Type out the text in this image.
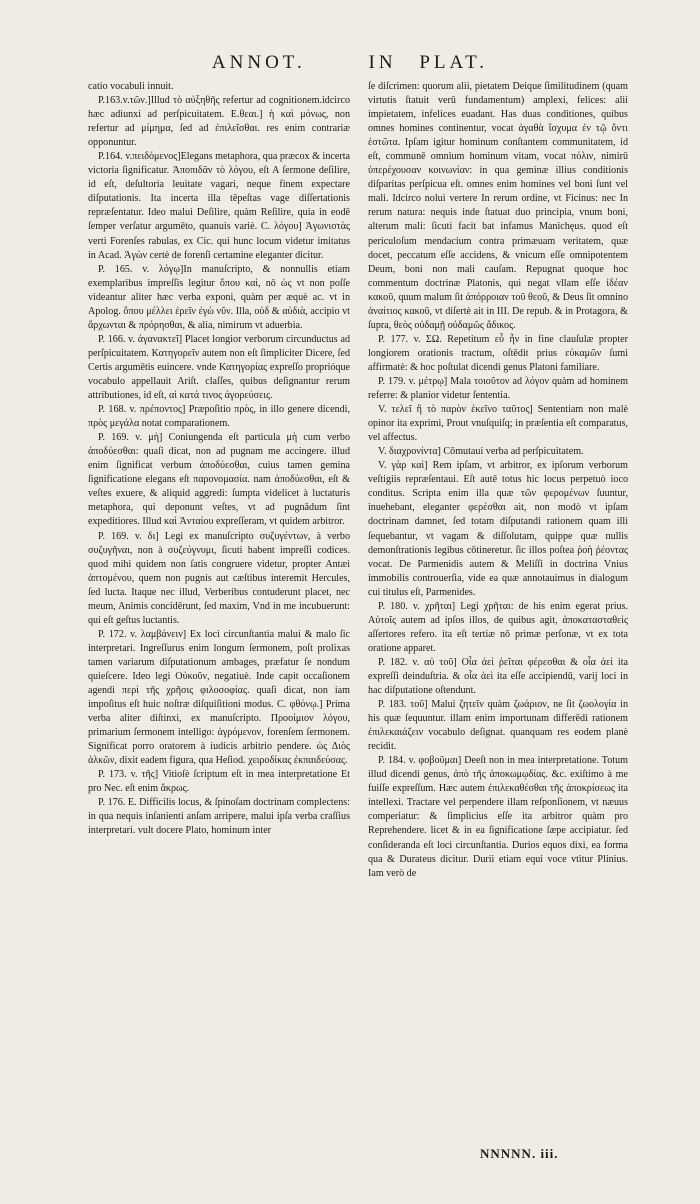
ANNOT.	IN PLAT.

catio vocabuli innuit.

P.163.v.τῶν.]Illud τὸ αὐξηθῆς refertur ad cognitionem.idcirco hæc adiunxi ad perſpicuitatem. Ε.θεαι.] ἡ καὶ μόνως, non refertur ad μίμημα, ſed ad ἐπιλεῖσθαι. res enim contrariæ opponuntur.

P.164. v.πειδόμενος]Elegans metaphora, qua præcox & incerta victoria ſignificatur. Ἀποπιδᾶν τὸ λόγου, eſt A ſermone deſilire, id eſt, deſultoria leuitate vagari, neque finem expectare diſputationis. Ita incerta illa tēpeſtas vage diſſertationis repræſentatur. Ideo malui Deſilire, quàm Reſilire, quia in eodē ſemper verſatur argumēto, quanuis variè. C. λόγου] Ἀγωνιστὰς verti Forenſes rabulas, ex Cic. qui hunc locum videtur imitatus in Acad. Ἀγὼν certè de forenſi certamine eleganter dicitur.

P. 165. v. λόγῳ]In manuſcripto, & nonnullis etiam exemplaribus impreſſis legitur ὅπου καὶ, nō ὡς vt non poſſe videantur aliter hæc verba exponi, quàm per æquè ac. vt in Apolog. ὅπου μέλλει ἐρεῖν ἐγὼ νῦν. Illa, οὐδ & αὐδιὰ, accipio vt ἄρχωνται & πρόρησθαι, & alia, nimirum vt aduerbia.

P. 166. v. ἀγανακτεῖ] Placet longior verborum circunductus ad perſpicuitatem. Κατηγορεῖν autem non eſt ſimpliciter Dicere, ſed Certis argumētis euincere. vnde Κατηγορίας expreſſo proprióque vocabulo appellauit Ariſt. claſſes, quibus deſignantur rerum attributiones, id eſt, αἱ κατά τινος ἀγορεύσεις.

P. 168. v. πρέποντος] Præpoſitio πρὸς, in illo genere dicendi, πρὸς μεγάλα notat comparationem.

P. 169. v. μὴ] Coniungenda eſt particula μὴ cum verbo ἀποδύεσθαι: quaſi dicat, non ad pugnam me accingere. illud enim ſignificat verbum ἀποδύεσθαι, cuius tamen gemina ſignificatione elegans eſt παρονομασία. nam ἀποδύεσθαι, eſt & veſtes exuere, & aliquid aggredi: ſumpta videlicet à luctaturis metaphora, qui deponunt veſtes, vt ad pugnādum ſint expeditiores. Illud καὶ Ἀνταίου expreſſeram, vt quidem arbitror.

P. 169. v. δι] Legi ex manuſcripto συζυγέντων, à verbo συζυγῆναι, non à συζεύγνυμι, ſicuti habent impreſſi codices. quod mihi quidem non ſatis congruere videtur, propter Antæi ἀπτομένου, quem non pugnis aut cæſtibus interemit Hercules, ſed lucta. Itaque nec illud, Verberibus contuderunt placet, nec meum, Animis concidērunt, ſed maxim, Vnd in me incubuerunt: qui eſt geſtus luctantis.

P. 172. v. λαμβάνειν] Ex loci circunſtantia malui & malo ſic interpretari. Ingreſſurus enim longum ſermonem, poſt prolixas tamen variarum diſputationum ambages, præfatur ſe nondum quieſcere. Ideo legi Οὐκοῦν, negatiuè. Inde capit occaſionem agendi περὶ τῆς χρῆσις φιλοσοφίας. quaſi dicat, non iam impoſitus eſt huic noſtræ diſquiſitioni modus. C. φθόνῳ.] Prima verba aliter diſtinxi, ex manuſcripto. Προοίμιον λόγου, primarium ſermonem intelligo: ἀγρόμενον, forenſem ſermonem. Significat porro oratorem à iudicis arbitrio pendere. ὡς Διὸς ἀλκῶν, dixit eadem figura, qua Heſiod. χειροδίκας ἐκπαιδεύσας.

P. 173. v. τῆς] Vitioſè ſcriptum eſt in mea interpretatione Et pro Nec. eſt enim ἄκρως.

P. 176. E. Difficilis locus, & ſpinoſam doctrinam complectens: in qua nequis inſanienti anſam arripere, malui ipſa verba craſſius interpretari. vult docere Plato, hominum inter

ſe diſcrimen: quorum alii, pietatem Deique ſimilitudinem (quam virtutis ſtatuit verū fundamentum) amplexi, felices: alii impietatem, infelices euadant. Has duas conditiones, quibus omnes homines continentur, vocat ἀγαθὰ ἴσχυμα ἐν τῷ ὄντι ἑστῶτα. Ipſam igitur hominum conſtantem communitatem, id eſt, communē omnium hominum vitam, vocat πόλιν, nimirū ὑπερέχουσαν κοινωνίαν: in qua geminæ illius conditionis diſparitas perſpicua eſt. omnes enim homines vel boni ſunt vel mali. Idcirco nolui vertere In rerum ordine, vt Ficinus: nec In rerum natura: nequis inde ſtatuat duo principia, vnum boni, alterum mali: ſicuti facit bat infamus Manichęus. quod eſt periculoſum mendacium contra primæuam veritatem, quæ docet, peccatum eſſe accidens, & vnicum eſſe omnipotentem Deum, boni non mali cauſam. Repugnat quoque hoc commentum doctrinæ Platonis, qui negat vllam eſſe ἰδέαν κακοῦ, quum malum ſit ἀπόρροιαν τοῦ θεοῦ, & Deus ſit omnino ἀναίτιος κακοῦ, vt diſertè ait in III. De repub. & in Protagora, & ſupra, θεὸς οὐδαμῇ οὐδαμῶς ἄδικος.

P. 177. v. ΣΩ. Repetitum εὖ ἦν in fine clauſulæ propter longiorem orationis tractum, oſtēdit prius εὐκαμῶν ſumi affirmatè: & hoc poſtulat dicendi genus Platoni familiare.

P. 179. v. μέτρῳ] Mala τοιοῦτον ad λόγον quàm ad hominem referre: & planior videtur ſententia.

V. τελεῖ ἢ τὸ παρὸν ἐκεῖνο ταῦτος] Sententiam non malè opinor ita exprimi, Prout vnuſquiſq; in præſentia eſt comparatus, vel affectus.

V. διαχρονίντα] Cōmutaui verba ad perſpicuitatem.

V. γὰρ καὶ] Rem ipſam, vt arbitror, ex ipſorum verborum veſtigiis repræſentaui. Eſt autē totus hic locus perpetuò ioco conditus. Scripta enim illa quæ τῶν φερομένων ſuuntur, inuehebant, eleganter φερέσθαι ait, non modò vt ipſam doctrinam damnet, ſed totam diſputandi rationem quam illi ſequebantur, vt vagam & diſſolutam, quippe quæ nullis demonſtrationis legibus cōtineretur. ſic illos poſtea ῥοὴ ῥέοντας vocat. De Parmenidis autem & Meliſſi in doctrina Vnius immobilis controuerſia, vide ea quæ annotauimus in dialogum cui titulus eſt, Parmenides.

P. 180. v. χρῆται] Legi χρῆται: de his enim egerat prius. Αὐτοῖς autem ad ipſos illos, de quibus agit, ἀποκατασταθεὶς aſſertores refero. ita eſt tertiæ nō primæ perſonæ, vt ex tota oratione apparet.

P. 182. v. αὐ τοῦ] Οἷα ἀεὶ ῥεῖται φέρεσθαι & οἷα ἀεὶ ita expreſſi deinduſtria. & οἷα ἀεὶ ita eſſe accipiendū, varij loci in hac diſputatione oſtendunt.

P. 183. τοῦ] Malui ζητεῖν quàm ζωάριον, ne ſit ζωολογία in his quæ ſequuntur. illam enim importunam differēdi rationem ἐπιλεκαιάζειν vocabulo deſignat. quanquam res eodem planè recidit.

P. 184. v. φοβοῦμαι] Deeſt non in mea interpretatione. Totum illud dicendi genus, ἀπὸ τῆς ἀποκωμῳδίας. &c. exiſtimo à me fuiſſe expreſſum. Hæc autem ἐπιλεκαθέσθαι τῆς ἀποκρίσεως ita intellexi. Tractare vel perpendere illam reſponſionem, vt næuus comperiatur: & ſimplicius eſſe ita arbitror quàm pro Reprehendere. licet & in ea ſignificatione ſæpe accipiatur. ſed conſideranda eſt loci circunſtantia. Durios equos dixi, ea forma qua & Durateus dicitur. Durii etiam equi voce vtitur Plinius. Iam verò de

NNNNN. iii.
